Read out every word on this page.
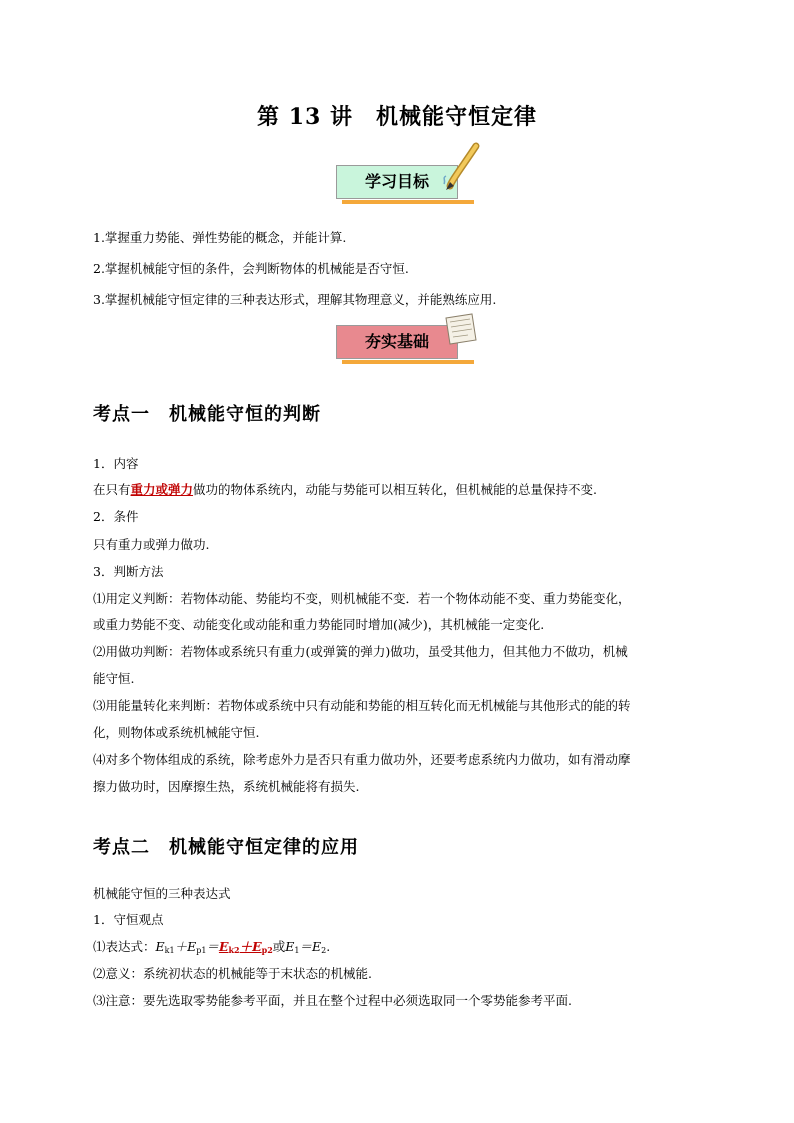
第 13 讲　机械能守恒定律
学习目标
1.掌握重力势能、弹性势能的概念，并能计算.
2.掌握机械能守恒的条件，会判断物体的机械能是否守恒.
3.掌握机械能守恒定律的三种表达形式，理解其物理意义，并能熟练应用.
夯实基础
考点一　机械能守恒的判断
1．内容
在只有重力或弹力做功的物体系统内，动能与势能可以相互转化，但机械能的总量保持不变.
2．条件
只有重力或弹力做功.
3．判断方法
⑴用定义判断：若物体动能、势能均不变，则机械能不变．若一个物体动能不变、重力势能变化，
或重力势能不变、动能变化或动能和重力势能同时增加(减少)，其机械能一定变化.
⑵用做功判断：若物体或系统只有重力(或弹簧的弹力)做功，虽受其他力，但其他力不做功，机械
能守恒.
⑶用能量转化来判断：若物体或系统中只有动能和势能的相互转化而无机械能与其他形式的能的转
化，则物体或系统机械能守恒.
⑷对多个物体组成的系统，除考虑外力是否只有重力做功外，还要考虑系统内力做功，如有滑动摩
擦力做功时，因摩擦生热，系统机械能将有损失.
考点二　机械能守恒定律的应用
机械能守恒的三种表达式
1．守恒观点
⑴表达式：$E_{k1}+E_{p1}=E_{k2}+E_{p2}$或$E_1=E_2$.
⑵意义：系统初状态的机械能等于末状态的机械能.
⑶注意：要先选取零势能参考平面，并且在整个过程中必须选取同一个零势能参考平面.
